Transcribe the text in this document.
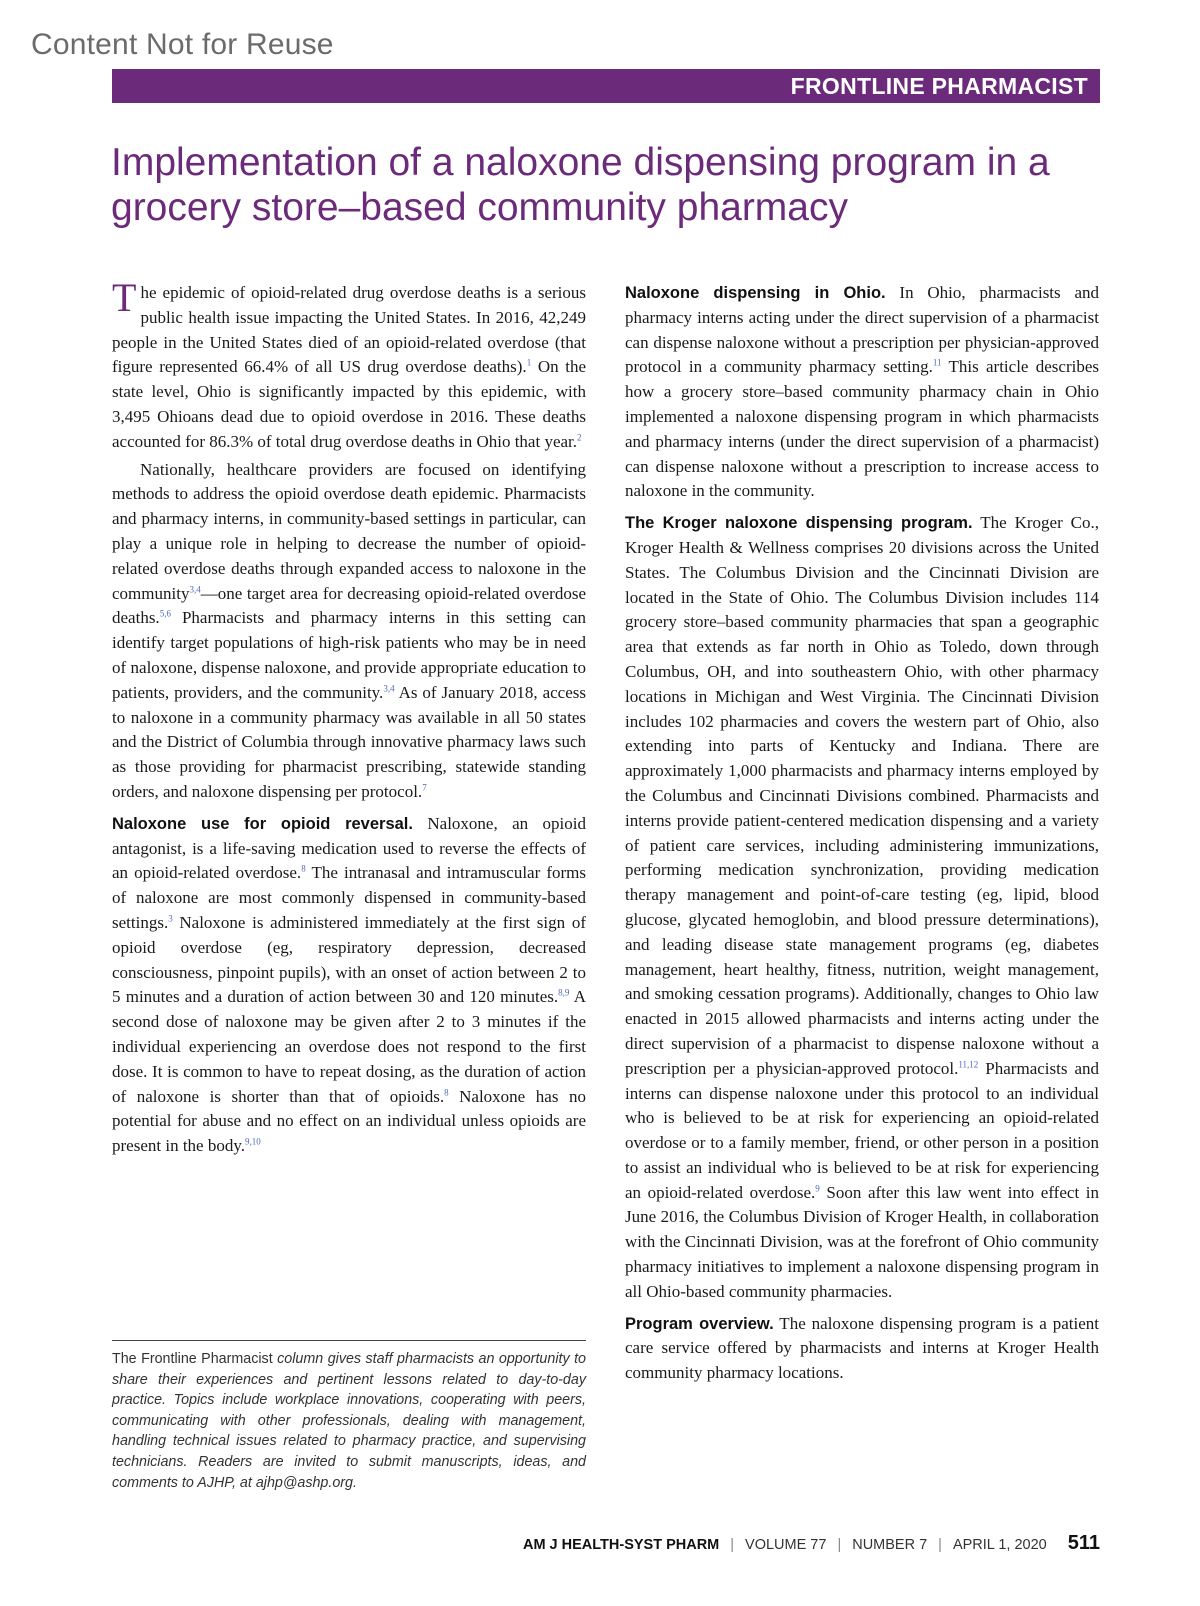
Content Not for Reuse
FRONTLINE PHARMACIST
Implementation of a naloxone dispensing program in a grocery store–based community pharmacy

The epidemic of opioid-related drug overdose deaths is a serious public health issue impacting the United States. In 2016, 42,249 people in the United States died of an opioid-related overdose (that figure represented 66.4% of all US drug overdose deaths).$^1$ On the state level, Ohio is significantly impacted by this epidemic, with 3,495 Ohioans dead due to opioid overdose in 2016. These deaths accounted for 86.3% of total drug overdose deaths in Ohio that year.$^2$

Nationally, healthcare providers are focused on identifying methods to address the opioid overdose death epidemic. Pharmacists and pharmacy interns, in community-based settings in particular, can play a unique role in helping to decrease the number of opioid-related overdose deaths through expanded access to naloxone in the community$^{3,4}$—one target area for decreasing opioid-related overdose deaths.$^{5,6}$ Pharmacists and pharmacy interns in this setting can identify target populations of high-risk patients who may be in need of naloxone, dispense naloxone, and provide appropriate education to patients, providers, and the community.$^{3,4}$ As of January 2018, access to naloxone in a community pharmacy was available in all 50 states and the District of Columbia through innovative pharmacy laws such as those providing for pharmacist prescribing, statewide standing orders, and naloxone dispensing per protocol.$^7$

Naloxone use for opioid reversal. Naloxone, an opioid antagonist, is a life-saving medication used to reverse the effects of an opioid-related overdose.$^8$ The intranasal and intramuscular forms of naloxone are most commonly dispensed in community-based settings.$^3$ Naloxone is administered immediately at the first sign of opioid overdose (eg, respiratory depression, decreased consciousness, pinpoint pupils), with an onset of action between 2 to 5 minutes and a duration of action between 30 and 120 minutes.$^{8,9}$ A second dose of naloxone may be given after 2 to 3 minutes if the individual experiencing an overdose does not respond to the first dose. It is common to have to repeat dosing, as the duration of action of naloxone is shorter than that of opioids.$^8$ Naloxone has no potential for abuse and no effect on an individual unless opioids are present in the body.$^{9,10}$

The Frontline Pharmacist column gives staff pharmacists an opportunity to share their experiences and pertinent lessons related to day-to-day practice. Topics include workplace innovations, cooperating with peers, communicating with other professionals, dealing with management, handling technical issues related to pharmacy practice, and supervising technicians. Readers are invited to submit manuscripts, ideas, and comments to AJHP, at ajhp@ashp.org.

Naloxone dispensing in Ohio. In Ohio, pharmacists and pharmacy interns acting under the direct supervision of a pharmacist can dispense naloxone without a prescription per physician-approved protocol in a community pharmacy setting.$^{11}$ This article describes how a grocery store–based community pharmacy chain in Ohio implemented a naloxone dispensing program in which pharmacists and pharmacy interns (under the direct supervision of a pharmacist) can dispense naloxone without a prescription to increase access to naloxone in the community.

The Kroger naloxone dispensing program. The Kroger Co., Kroger Health & Wellness comprises 20 divisions across the United States. The Columbus Division and the Cincinnati Division are located in the State of Ohio. The Columbus Division includes 114 grocery store–based community pharmacies that span a geographic area that extends as far north in Ohio as Toledo, down through Columbus, OH, and into southeastern Ohio, with other pharmacy locations in Michigan and West Virginia. The Cincinnati Division includes 102 pharmacies and covers the western part of Ohio, also extending into parts of Kentucky and Indiana. There are approximately 1,000 pharmacists and pharmacy interns employed by the Columbus and Cincinnati Divisions combined. Pharmacists and interns provide patient-centered medication dispensing and a variety of patient care services, including administering immunizations, performing medication synchronization, providing medication therapy management and point-of-care testing (eg, lipid, blood glucose, glycated hemoglobin, and blood pressure determinations), and leading disease state management programs (eg, diabetes management, heart healthy, fitness, nutrition, weight management, and smoking cessation programs). Additionally, changes to Ohio law enacted in 2015 allowed pharmacists and interns acting under the direct supervision of a pharmacist to dispense naloxone without a prescription per a physician-approved protocol.$^{11,12}$ Pharmacists and interns can dispense naloxone under this protocol to an individual who is believed to be at risk for experiencing an opioid-related overdose or to a family member, friend, or other person in a position to assist an individual who is believed to be at risk for experiencing an opioid-related overdose.$^9$ Soon after this law went into effect in June 2016, the Columbus Division of Kroger Health, in collaboration with the Cincinnati Division, was at the forefront of Ohio community pharmacy initiatives to implement a naloxone dispensing program in all Ohio-based community pharmacies.

Program overview. The naloxone dispensing program is a patient care service offered by pharmacists and interns at Kroger Health community pharmacy locations.

AM J HEALTH-SYST PHARM | VOLUME 77 | NUMBER 7 | APRIL 1, 2020 511
